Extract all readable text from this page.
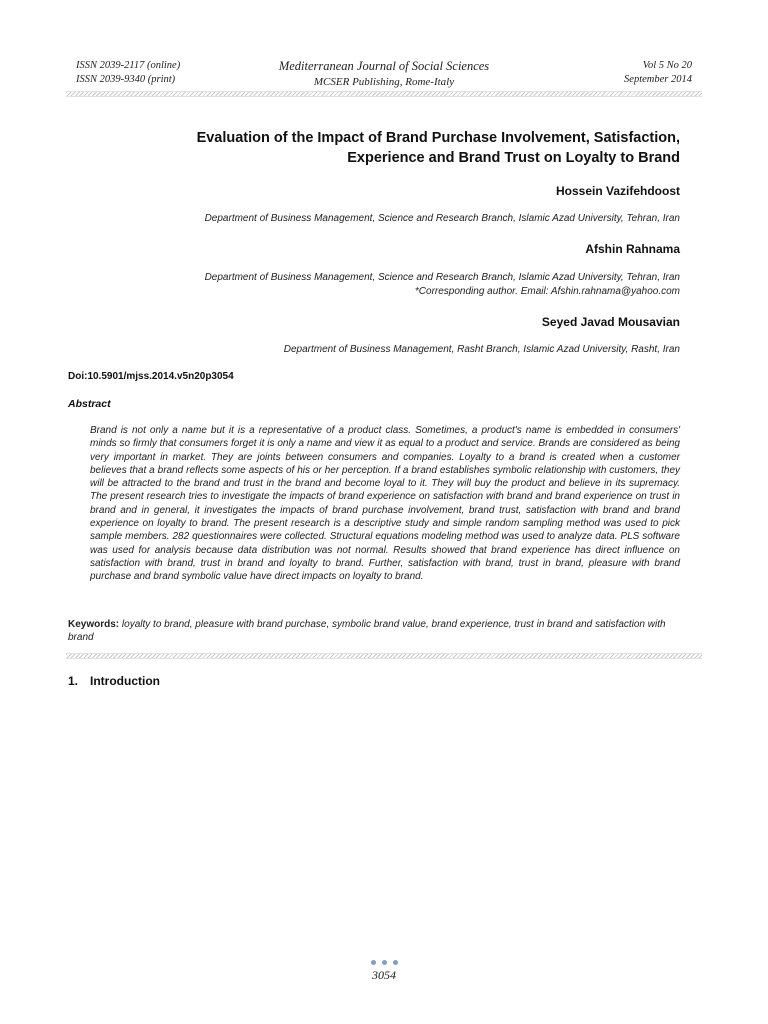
ISSN 2039-2117 (online)
ISSN 2039-9340 (print)
Mediterranean Journal of Social Sciences
MCSER Publishing, Rome-Italy
Vol 5 No 20
September 2014
Evaluation of the Impact of Brand Purchase Involvement, Satisfaction,
Experience and Brand Trust on Loyalty to Brand
Hossein Vazifehdoost
Department of Business Management, Science and Research Branch, Islamic Azad University, Tehran, Iran
Afshin Rahnama
Department of Business Management, Science and Research Branch, Islamic Azad University, Tehran, Iran
*Corresponding author. Email: Afshin.rahnama@yahoo.com
Seyed Javad Mousavian
Department of Business Management, Rasht Branch, Islamic Azad University, Rasht, Iran
Doi:10.5901/mjss.2014.v5n20p3054
Abstract

Brand is not only a name but it is a representative of a product class. Sometimes, a product's name is embedded in consumers' minds so firmly that consumers forget it is only a name and view it as equal to a product and service. Brands are considered as being very important in market. They are joints between consumers and companies. Loyalty to a brand is created when a customer believes that a brand reflects some aspects of his or her perception. If a brand establishes symbolic relationship with customers, they will be attracted to the brand and trust in the brand and become loyal to it. They will buy the product and believe in its supremacy. The present research tries to investigate the impacts of brand experience on satisfaction with brand and brand experience on trust in brand and in general, it investigates the impacts of brand purchase involvement, brand trust, satisfaction with brand and brand experience on loyalty to brand. The present research is a descriptive study and simple random sampling method was used to pick sample members. 282 questionnaires were collected. Structural equations modeling method was used to analyze data. PLS software was used for analysis because data distribution was not normal. Results showed that brand experience has direct influence on satisfaction with brand, trust in brand and loyalty to brand. Further, satisfaction with brand, trust in brand, pleasure with brand purchase and brand symbolic value have direct impacts on loyalty to brand.

Keywords: loyalty to brand, pleasure with brand purchase, symbolic brand value, brand experience, trust in brand and satisfaction with brand

1. Introduction
3054
